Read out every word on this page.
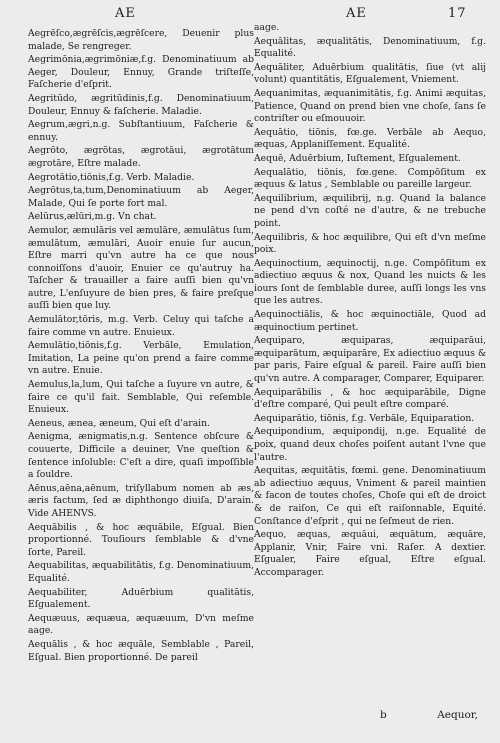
AE	AE	17
Aegrēſco,ægrēſcis,ægrēſcere, Deuenir plus malade, Se rengreger.
Aegrimōnia,ægrimōniæ,f.g. Denominatiuum ab Aeger, Douleur, Ennuy, Grande triſteſſe, Faſcherie d'eſprit.
Aegritūdo, ægritūdinis,f.g. Denominatiuum, Douleur, Ennuy & faſcherie. Maladie.
Aegrum,ægri,n.g. Subſtantiuum, Faſcherie & ennuy.
Aegrōto, ægrōtas, ægrotāui, ægrotātum ægrotāre, Eſtre malade.
Aegrotātio,tiōnis,f.g. Verb. Maladie.
Aegrōtus,ta,tum,Denominatiuum ab Aeger, Malade, Qui ſe porte fort mal.
Aelūrus,ælūri,m.g. Vn chat.
Aemulor, æmulāris vel æmulāre, æmulātus ſum, æmulātum, æmulāri, Auoir enuie ſur aucun, Eſtre marri qu'vn autre ha ce que nous connoiſſons d'auoir, Enuier ce qu'autruy ha. Taſcher & trauailler a faire auſſi bien qu'vn autre, L'enſuyure de bien pres, & faire preſque auſſi bien que luy.
Aemulātor,tōris, m.g. Verb. Celuy qui taſche a faire comme vn autre. Enuieux.
Aemulātio,tiōnis,f.g. Verbāle, Emulation, Imitation, La peine qu'on prend a faire comme vn autre. Enuie.
Aemulus,la,lum, Qui taſche a ſuyure vn autre, & faire ce qu'il fait. Semblable, Qui reſemble. Enuieux.
Aeneus, ænea, æneum, Qui eſt d'arain.
Aenigma, ænigmatis,n.g. Sentence obſcure & couuerte, Difficile a deuiner, Vne queſtion & ſentence inſoluble: C'eſt a dire, quaſi impoſſible a ſouldre.
Aēnus,aēna,aēnum, triſyllabum nomen ab æs, æris factum, ſed æ diphthongo diuiſa, D'arain. Vide AHENVS.
Aequābilis , & hoc æquābile, Eſgual. Bien proportionné. Touſiours ſemblable & d'vne ſorte, Pareil.
Aequabilitas, æquabilitātis, f.g. Denominatiuum, Equalité.
Aequabiliter, Aduērbium qualitātis, Eſgualement.
Aequæuus, æquæua, æquæuum, D'vn meſme aage.
Aequālis , & hoc æquāle, Semblable , Pareil, Eſgual. Bien proportionné. De pareil
aage.
Aequālitas, æqualitātis, Denominatiuum, f.g. Equalité.
Aequāliter, Aduērbium qualitātis, ſiue (vt alij volunt) quantitātis, Eſgualement, Vniement.
Aequanimitas, æquanimitātis, f.g. Animi æquitas, Patience, Quand on prend bien vne choſe, ſans ſe contriſter ou eſmouuoir.
Aequātio, tiōnis, fœ.ge. Verbāle ab Aequo, æquas, Applaniſſement. Equalité.
Aequē, Aduērbium, Iuſtement, Eſgualement.
Aequalātio, tiōnis, fœ.gene. Compōſitum ex æquus & latus , Semblable ou pareille largeur.
Aequilibrium, æquilibrij, n.g. Quand la balance ne pend d'vn coſté ne d'autre, & ne trebuche point.
Aequilibris, & hoc æquilibre, Qui eſt d'vn meſme poix.
Aequinoctium, æquinoctij, n.ge. Compōſitum ex adiectiuo æquus & nox, Quand les nuicts & les iours ſont de ſemblable duree, auſſi longs les vns que les autres.
Aequinoctiālis, & hoc æquinoctiāle, Quod ad æquinoctium pertinet.
Aequiparo, æquiparas, æquiparāui, æquiparātum, æquiparāre, Ex adiectiuo æquus & par paris, Faire eſgual & pareil. Faire auſſi bien qu'vn autre. A comparager, Comparer, Equiparer.
Aequiparābilis , & hoc æquiparābile, Digne d'eſtre comparé, Qui peult eſtre comparé.
Aequiparātio, tiōnis, f.g. Verbāle, Equiparation.
Aequipondium, æquipondij, n.ge. Equalité de poix, quand deux choſes poiſent autant l'vne que l'autre.
Aequitas, æquitātis, fœmi. gene. Denominatiuum ab adiectiuo æquus, Vniment & pareil maintien & facon de toutes choſes, Choſe qui eſt de droict & de raiſon, Ce qui eſt raiſonnable, Equité. Conſtance d'eſprit , qui ne ſeſmeut de rien.
Aequo, æquas, æquāui, æquātum, æquāre, Applanir, Vnir, Faire vni. Raſer. A dextier. Eſgualer, Faire eſgual, Eſtre eſgual. Accomparager.
b	Aequor,
